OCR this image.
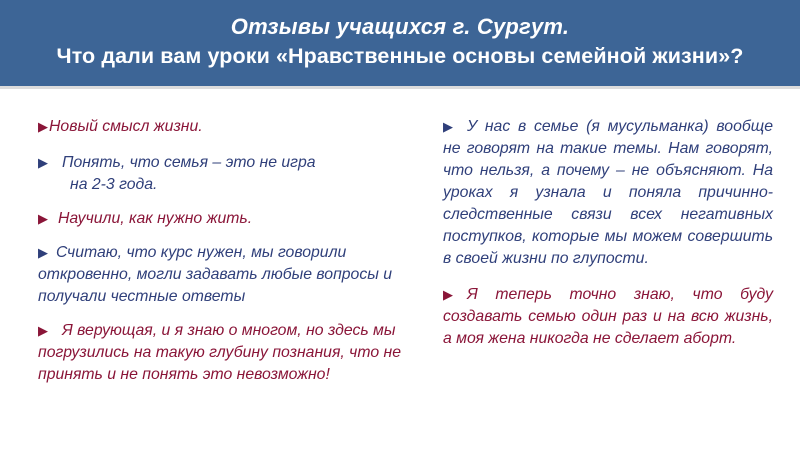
Отзывы учащихся г. Сургут.
Что дали вам уроки «Нравственные основы семейной жизни»?

▶Новый смысл жизни.

▶ Понять, что семья – это не игра
на 2-3 года.

▶ Научили, как нужно жить.

▶ Считаю, что курс нужен, мы говорили откровенно, могли задавать любые вопросы и получали честные ответы

▶ Я верующая, и я знаю о многом, но здесь мы погрузились на такую глубину познания, что не принять и не понять это невозможно!

▶ У нас в семье (я мусульманка) вообще не говорят на такие темы. Нам говорят, что нельзя, а почему – не объясняют. На уроках я узнала и поняла причинно-следственные связи всех негативных поступков, которые мы можем совершить в своей жизни по глупости.

▶ Я теперь точно знаю, что буду создавать семью один раз и на всю жизнь, а моя жена никогда не сделает аборт.
